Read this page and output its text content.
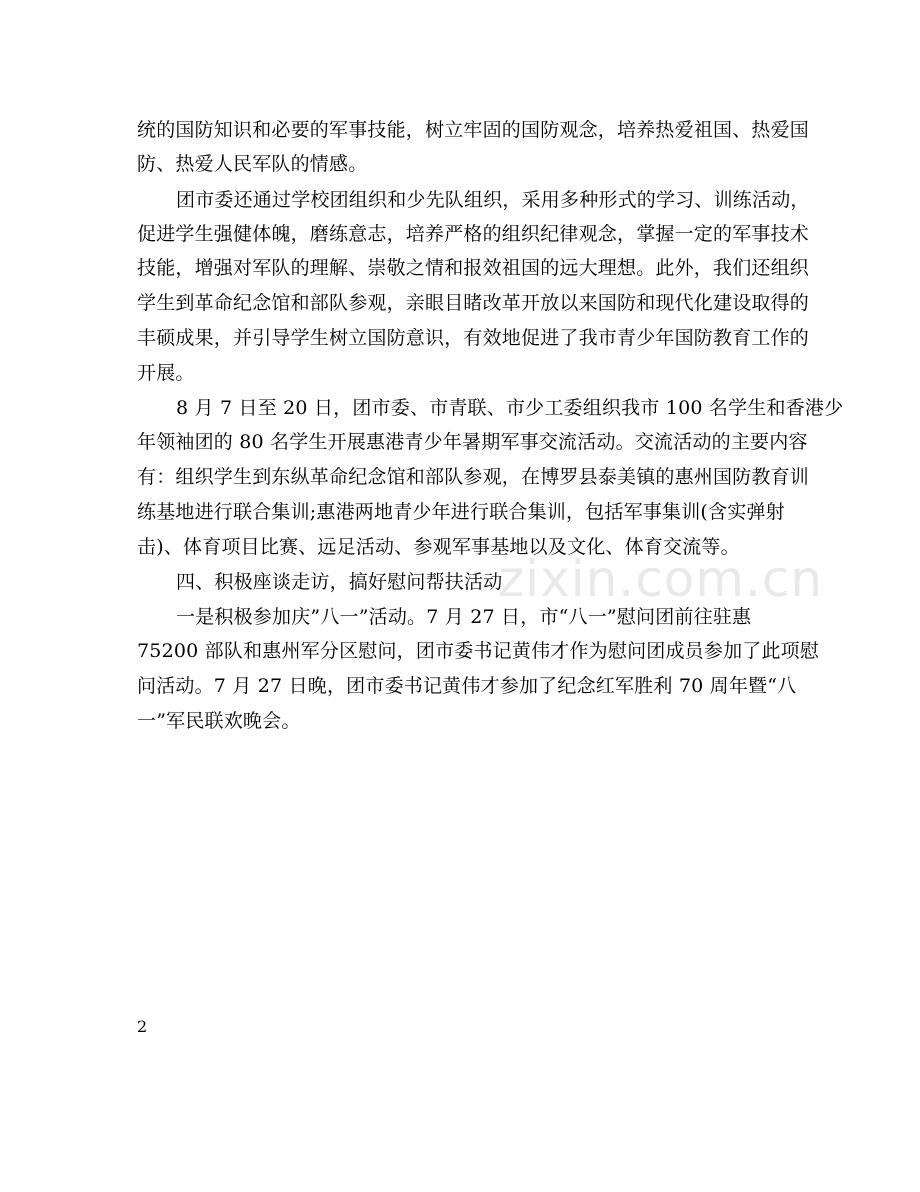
zixin.com.cn
统的国防知识和必要的军事技能，树立牢固的国防观念，培养热爱祖国、热爱国
防、热爱人民军队的情感。
团市委还通过学校团组织和少先队组织，采用多种形式的学习、训练活动，
促进学生强健体魄，磨练意志，培养严格的组织纪律观念，掌握一定的军事技术
技能，增强对军队的理解、崇敬之情和报效祖国的远大理想。此外，我们还组织
学生到革命纪念馆和部队参观，亲眼目睹改革开放以来国防和现代化建设取得的
丰硕成果，并引导学生树立国防意识，有效地促进了我市青少年国防教育工作的
开展。
8 月 7 日至 20 日，团市委、市青联、市少工委组织我市 100 名学生和香港少
年领袖团的 80 名学生开展惠港青少年暑期军事交流活动。交流活动的主要内容
有：组织学生到东纵革命纪念馆和部队参观，在博罗县泰美镇的惠州国防教育训
练基地进行联合集训;惠港两地青少年进行联合集训，包括军事集训(含实弹射
击)、体育项目比赛、远足活动、参观军事基地以及文化、体育交流等。
四、积极座谈走访，搞好慰问帮扶活动
一是积极参加庆”八一”活动。7 月 27 日，市“八一”慰问团前往驻惠
75200 部队和惠州军分区慰问，团市委书记黄伟才作为慰问团成员参加了此项慰
问活动。7 月 27 日晚，团市委书记黄伟才参加了纪念红军胜利 70 周年暨“八
一”军民联欢晚会。
2
